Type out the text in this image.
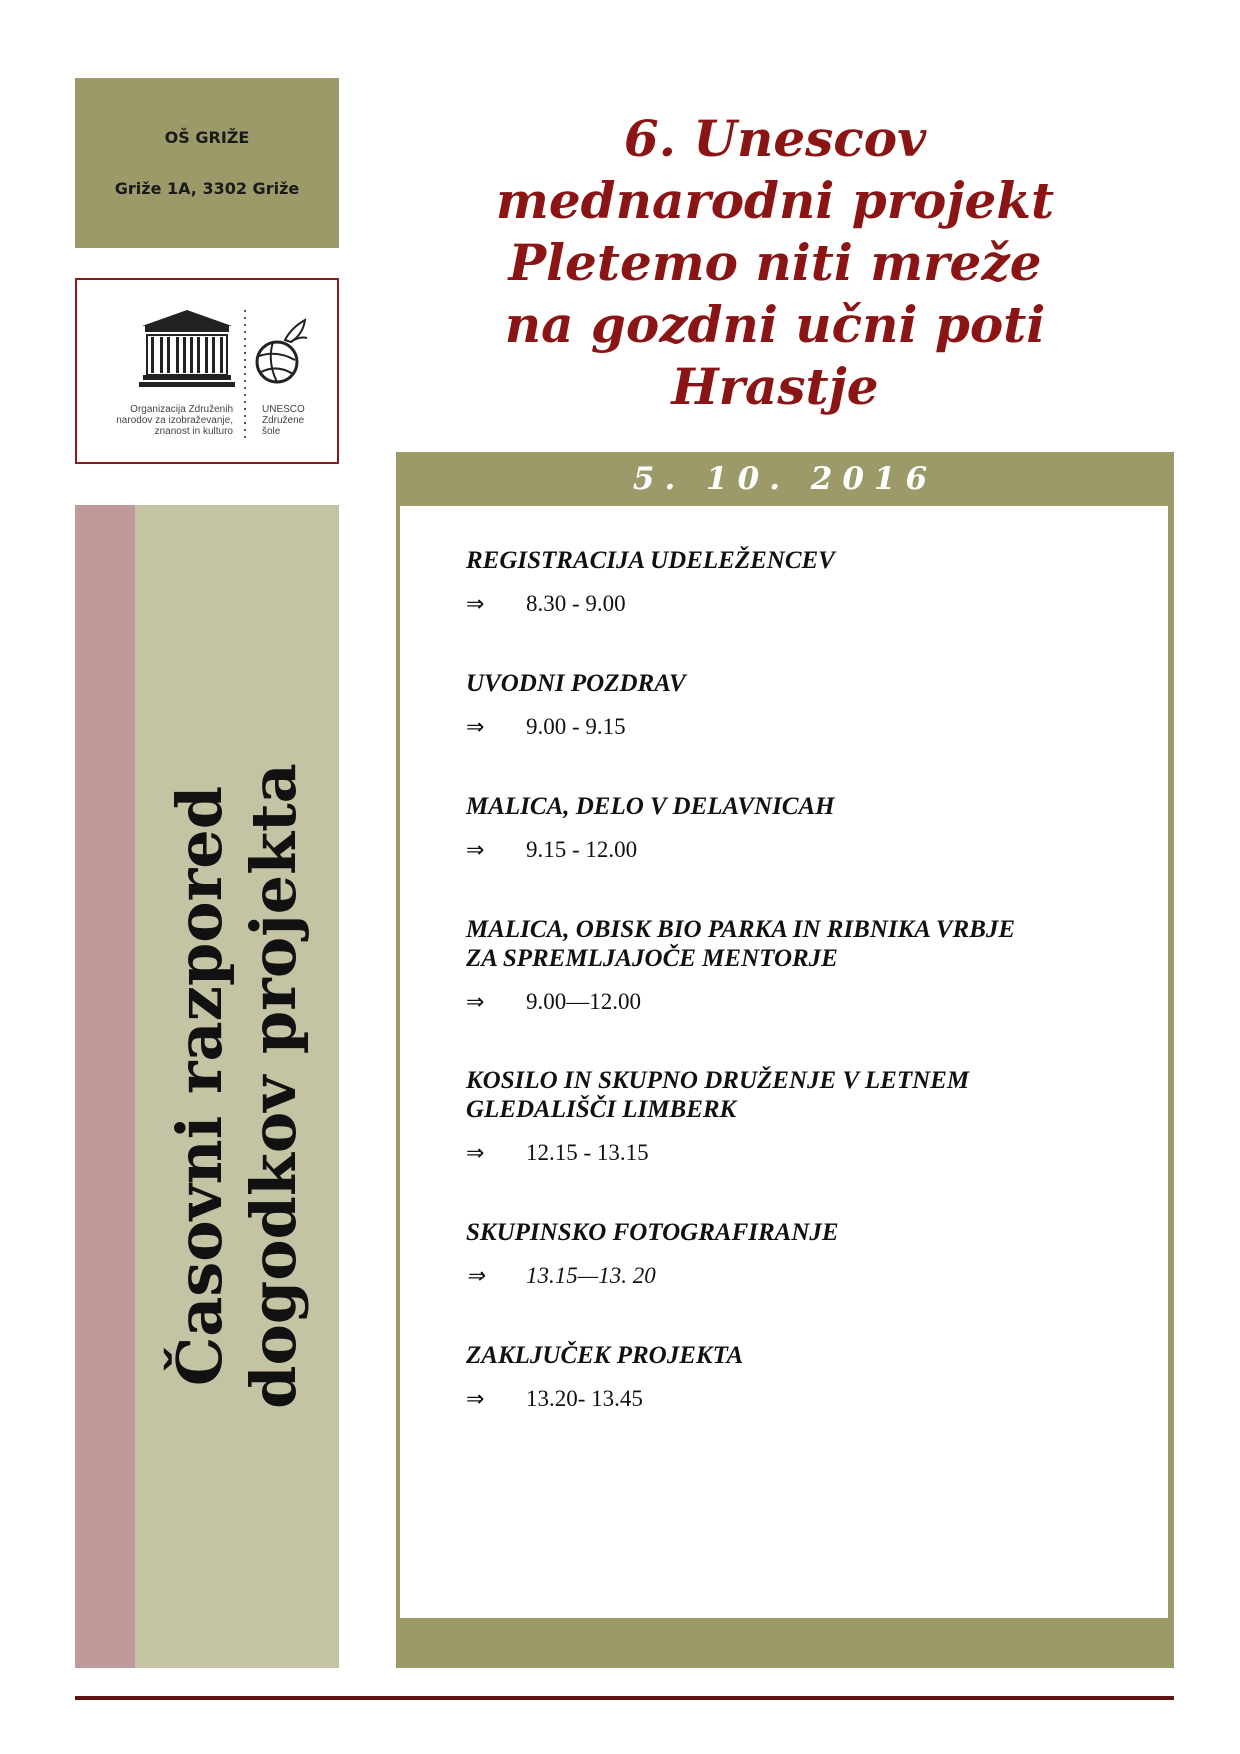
OŠ GRIŽE
Griže 1A, 3302 Griže
Organizacija Združenih
narodov za izobraževanje,
znanost in kulturo
UNESCO
Združene
šole
Časovni razpored dogodkov projekta
6. Unescov
mednarodni projekt
Pletemo niti mreže
na gozdni učni poti
Hrastje
5. 10. 2016
REGISTRACIJA UDELEŽENCEV
⇒	8.30 - 9.00
UVODNI POZDRAV
⇒	9.00 - 9.15
MALICA, DELO V DELAVNICAH
⇒	9.15 - 12.00
MALICA, OBISK BIO PARKA IN RIBNIKA VRBJE
ZA SPREMLJAJOČE MENTORJE
⇒	9.00—12.00
KOSILO IN SKUPNO DRUŽENJE V LETNEM
GLEDALIŠČI LIMBERK
⇒	12.15 - 13.15
SKUPINSKO FOTOGRAFIRANJE
⇒	13.15—13. 20
ZAKLJUČEK PROJEKTA
⇒	13.20- 13.45
